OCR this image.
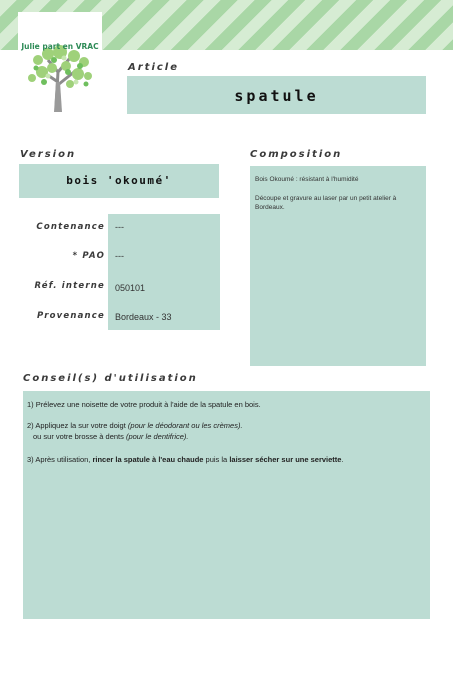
Julie part en VRAC
Article
spatule
Version
bois 'okoumé'
Composition
Bois Okoumé : résistant à l'humidité
Découpe et gravure au laser par un petit atelier à Bordeaux.
Contenance ---
* PAO ---
Réf. interne 050101
Provenance Bordeaux - 33
Conseil(s) d'utilisation
1) Prélevez une noisette de votre produit à l'aide de la spatule en bois.
2) Appliquez la sur votre doigt (pour le déodorant ou les crèmes).
ou sur votre brosse à dents (pour le dentifrice).
3) Après utilisation, rincer la spatule à l'eau chaude puis la laisser sécher sur une serviette.
